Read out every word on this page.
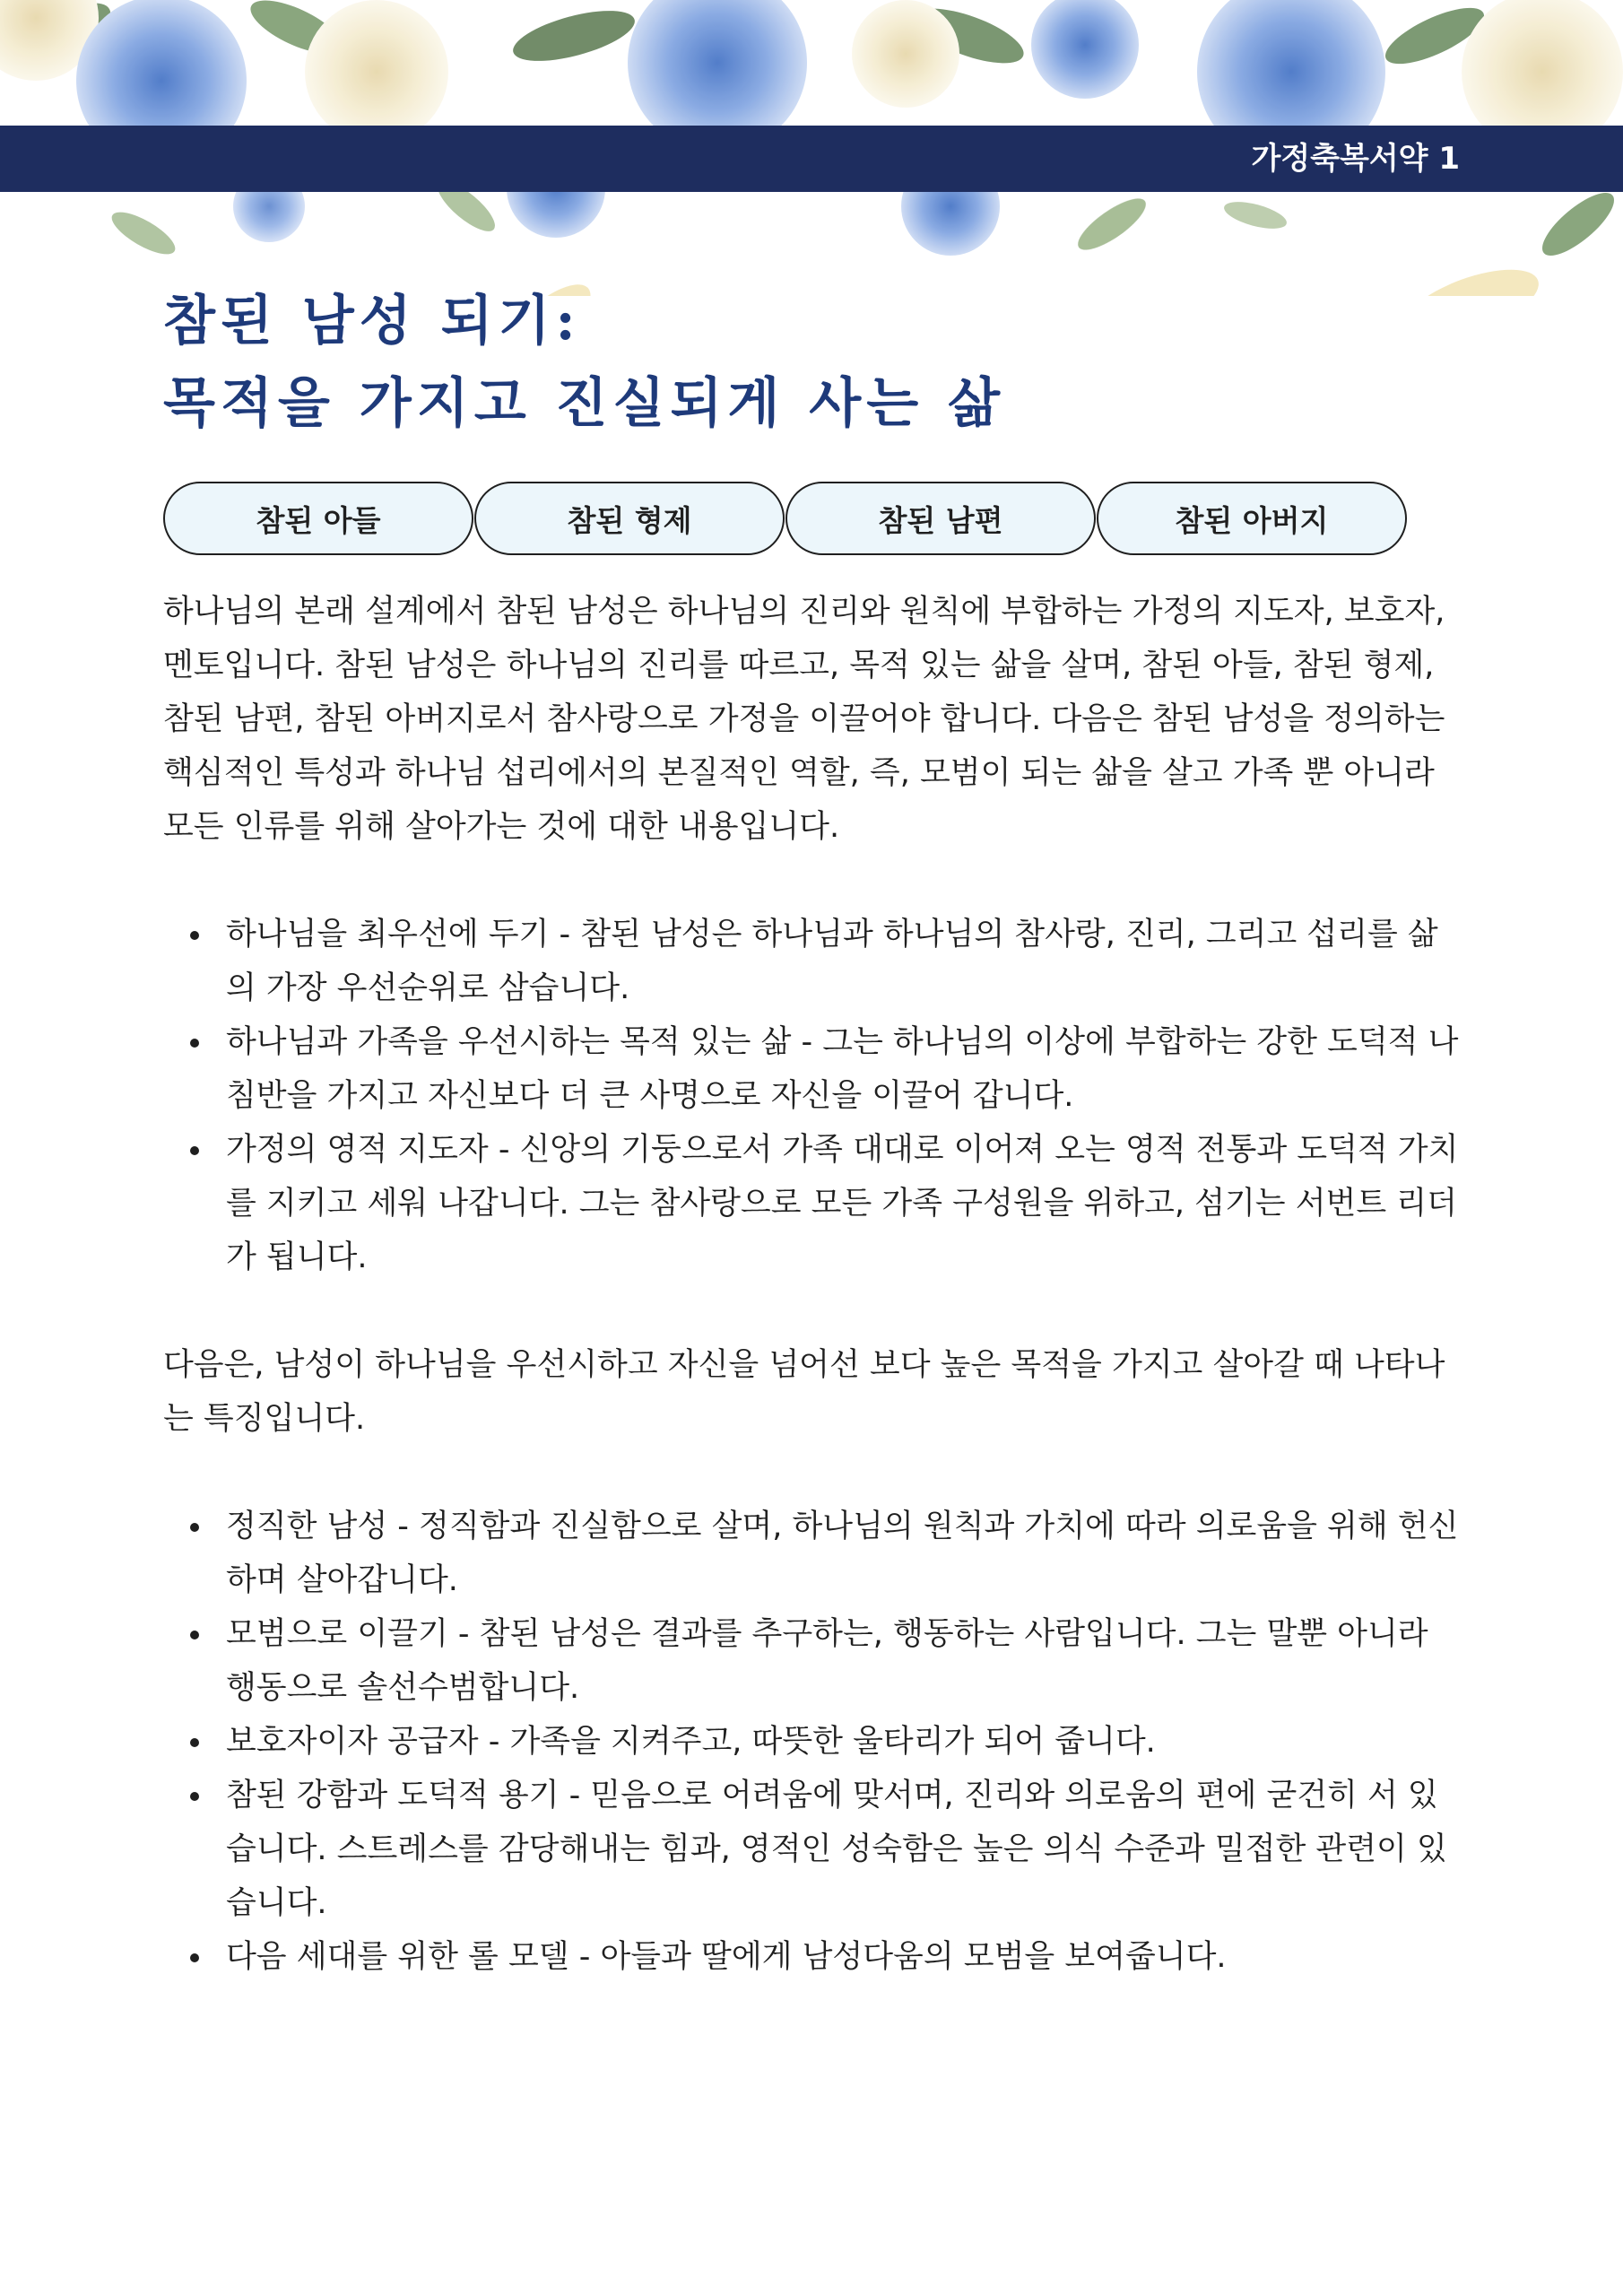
가정축복서약 1
참된 남성 되기:
목적을 가지고 진실되게 사는 삶
참된 아들	참된 형제	참된 남편	참된 아버지

하나님의 본래 설계에서 참된 남성은 하나님의 진리와 원칙에 부합하는 가정의 지도자, 보호자, 멘토입니다. 참된 남성은 하나님의 진리를 따르고, 목적 있는 삶을 살며, 참된 아들, 참된 형제, 참된 남편, 참된 아버지로서 참사랑으로 가정을 이끌어야 합니다. 다음은 참된 남성을 정의하는 핵심적인 특성과 하나님 섭리에서의 본질적인 역할, 즉, 모범이 되는 삶을 살고 가족 뿐 아니라 모든 인류를 위해 살아가는 것에 대한 내용입니다.

하나님을 최우선에 두기 - 참된 남성은 하나님과 하나님의 참사랑, 진리, 그리고 섭리를 삶의 가장 우선순위로 삼습니다.
하나님과 가족을 우선시하는 목적 있는 삶 - 그는 하나님의 이상에 부합하는 강한 도덕적 나침반을 가지고 자신보다 더 큰 사명으로 자신을 이끌어 갑니다.
가정의 영적 지도자 - 신앙의 기둥으로서 가족 대대로 이어져 오는 영적 전통과 도덕적 가치를 지키고 세워 나갑니다. 그는 참사랑으로 모든 가족 구성원을 위하고, 섬기는 서번트 리더가 됩니다.

다음은, 남성이 하나님을 우선시하고 자신을 넘어선 보다 높은 목적을 가지고 살아갈 때 나타나는 특징입니다.

정직한 남성 - 정직함과 진실함으로 살며, 하나님의 원칙과 가치에 따라 의로움을 위해 헌신하며 살아갑니다.
모범으로 이끌기 - 참된 남성은 결과를 추구하는, 행동하는 사람입니다. 그는 말뿐 아니라 행동으로 솔선수범합니다.
보호자이자 공급자 - 가족을 지켜주고, 따뜻한 울타리가 되어 줍니다.
참된 강함과 도덕적 용기 - 믿음으로 어려움에 맞서며, 진리와 의로움의 편에 굳건히 서 있습니다. 스트레스를 감당해내는 힘과, 영적인 성숙함은 높은 의식 수준과 밀접한 관련이 있습니다.
다음 세대를 위한 롤 모델 - 아들과 딸에게 남성다움의 모범을 보여줍니다.
